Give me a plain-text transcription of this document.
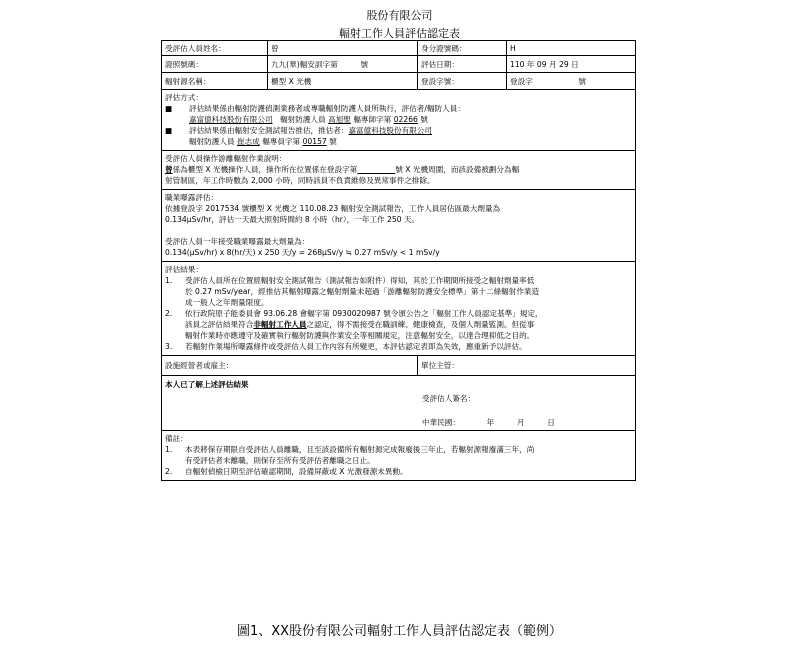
股份有限公司
輻射工作人員評估認定表
受評估人員姓名：	曾	身分證號碼：	H
證照號碼：	九九(華)輻安訓字第　　　號	評估日期：	110 年 09 月 29 日
輻射源名稱：	櫃型 X 光機	登設字號：	登設字　　　　　　號
評估方式：
■ 評估結果係由輻射防護偵測業務者或專職輻射防護人員所執行，評估者/輻防人員：
嘉富億科技股份有限公司　輻射防護人員 高旭聖 輻專師字第 02266 號
■ 評估結果係由輻射安全測試報告推估，推估者：嘉富億科技股份有限公司
輻射防護人員 崔志成 輻專員字第 00157 號
受評估人員操作游離輻射作業說明：
曾係為櫃型 X 光機操作人員，操作所在位置係在登設字第　　　　　	號 X 光機周圍，而該設備被劃分為輻
射管制區，年工作時數為 2,000 小時，同時該員不負責維修及異常事件之排除。
職業曝露評估：
依據登設字 2017534 號櫃型 X 光機之 110.08.23 輻射安全測試報告，工作人員居佔區最大劑量為
0.134µSv/hr，評估一天最大照射時間約 8 小時（hr），一年工作 250 天。
受評估人員一年接受職業曝露最大劑量為：
0.134(µSv/hr) x 8(hr/天) x 250 天/y = 268µSv/y ≒ 0.27 mSv/y < 1 mSv/y
評估結果：
1. 受評估人員所在位置經輻射安全測試報告（測試報告如附件）得知，其於工作期間所接受之輻射劑量率低
於 0.27 mSv/year，經推估其輻射曝露之輻射劑量未超過「游離輻射防護安全標準」第十二條輻射作業造
成一般人之年劑量限度。
2. 依行政院原子能委員會 93.06.28 會輻字第 0930020987 號令頒公告之「輻射工作人員認定基準」規定，
該員之評估結果符合非輻射工作人員之認定，得不需接受在職訓練、健康檢查，及個人劑量監測。但從事
輻射作業時亦應遵守及確實執行輻射防護與作業安全等相關規定，注意輻射安全，以達合理抑低之目的。
3. 若輻射作業場所曝露條件或受評估人員工作內容有所變更，本評估認定表即為失效，應重新予以評估。
設施經營者或雇主：	單位主管：
本人已了解上述評估結果
受評估人簽名：
中華民國：　　　　年　　　月　　　日
備註：
1. 本表將保存期限自受評估人員離職，且至該設備所有輻射源完成報廢後三年止，若輻射源報廢滿三年，尚
有受評估者未離職，則保存至所有受評估者離職之日止。
2. 自輻射偵檢日期至評估確認期間，設備屏蔽或 X 光激發源未異動。
圖1、XX股份有限公司輻射工作人員評估認定表（範例）
